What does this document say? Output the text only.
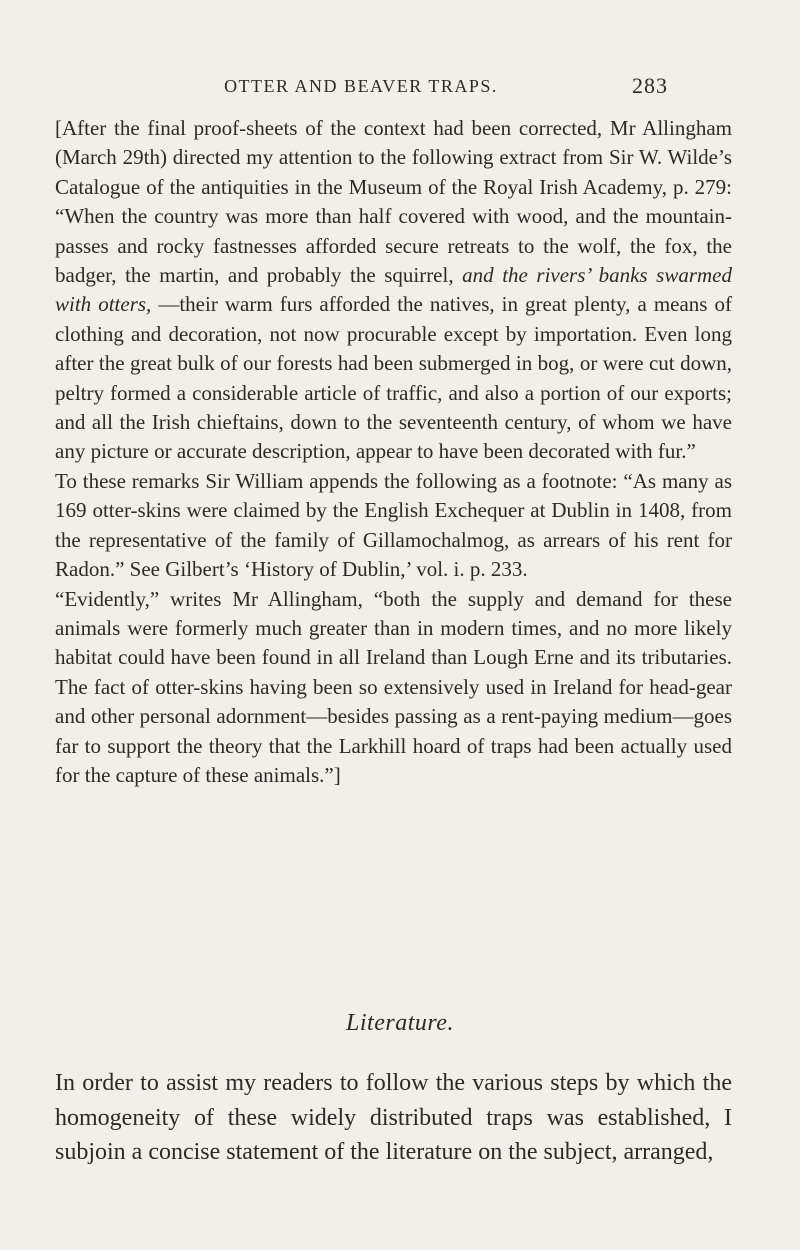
OTTER AND BEAVER TRAPS.	283

[After the final proof-sheets of the context had been corrected, Mr Allingham (March 29th) directed my attention to the following extract from Sir W. Wilde’s Catalogue of the antiquities in the Museum of the Royal Irish Academy, p. 279: “When the country was more than half covered with wood, and the mountain-passes and rocky fastnesses afforded secure retreats to the wolf, the fox, the badger, the martin, and probably the squirrel, and the rivers’ banks swarmed with otters, —their warm furs afforded the natives, in great plenty, a means of clothing and decoration, not now procurable except by importation. Even long after the great bulk of our forests had been submerged in bog, or were cut down, peltry formed a considerable article of traffic, and also a portion of our exports; and all the Irish chieftains, down to the seventeenth century, of whom we have any picture or accurate description, appear to have been decorated with fur.”

To these remarks Sir William appends the following as a footnote: “As many as 169 otter-skins were claimed by the English Exchequer at Dublin in 1408, from the representative of the family of Gillamochalmog, as arrears of his rent for Radon.” See Gilbert’s ‘History of Dublin,’ vol. i. p. 233.

“Evidently,” writes Mr Allingham, “both the supply and demand for these animals were formerly much greater than in modern times, and no more likely habitat could have been found in all Ireland than Lough Erne and its tributaries. The fact of otter-skins having been so extensively used in Ireland for head-gear and other personal adornment—besides passing as a rent-paying medium—goes far to support the theory that the Larkhill hoard of traps had been actually used for the capture of these animals.”]

Literature.

In order to assist my readers to follow the various steps by which the homogeneity of these widely distributed traps was established, I subjoin a concise statement of the literature on the subject, arranged,
